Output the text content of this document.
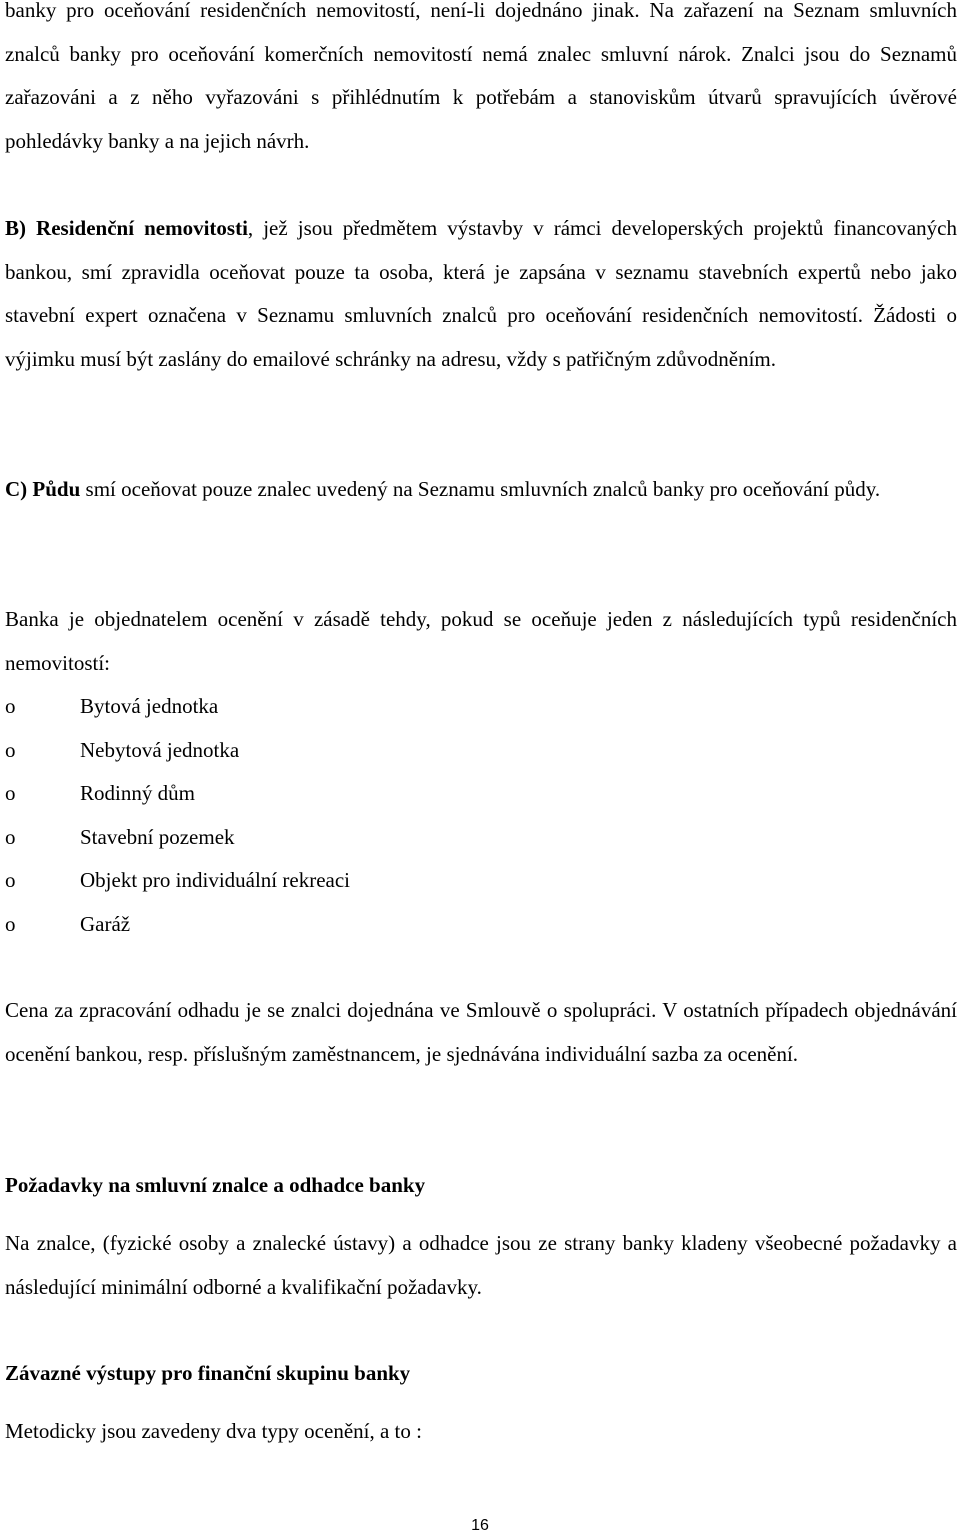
banky pro oceňování residenčních nemovitostí, není-li dojednáno jinak. Na zařazení na Seznam smluvních znalců banky pro oceňování komerčních nemovitostí nemá znalec smluvní nárok. Znalci jsou do Seznamů zařazováni a z něho vyřazováni s přihlédnutím k potřebám a stanoviskům útvarů spravujících úvěrové pohledávky banky a na jejich návrh.

B) Residenční nemovitosti, jež jsou předmětem výstavby v rámci developerských projektů financovaných bankou, smí zpravidla oceňovat pouze ta osoba, která je zapsána v seznamu stavebních expertů nebo jako stavební expert označena v Seznamu smluvních znalců pro oceňování residenčních nemovitostí. Žádosti o výjimku musí být zaslány do emailové schránky na adresu, vždy s patřičným zdůvodněním.

C) Půdu smí oceňovat pouze znalec uvedený na Seznamu smluvních znalců banky pro oceňování půdy.

Banka je objednatelem ocenění v zásadě tehdy, pokud se oceňuje jeden z následujících typů residenčních nemovitostí:

o	Bytová jednotka
o	Nebytová jednotka
o	Rodinný dům
o	Stavební pozemek
o	Objekt pro individuální rekreaci
o	Garáž

Cena za zpracování odhadu je se znalci dojednána ve Smlouvě o spolupráci. V ostatních případech objednávání ocenění bankou, resp. příslušným zaměstnancem, je sjednávána individuální sazba za ocenění.

Požadavky na smluvní znalce a odhadce banky

Na znalce, (fyzické osoby a znalecké ústavy) a odhadce jsou ze strany banky kladeny všeobecné požadavky a následující minimální odborné a kvalifikační požadavky.

Závazné výstupy pro finanční skupinu banky

Metodicky jsou zavedeny dva typy ocenění, a to :

16
